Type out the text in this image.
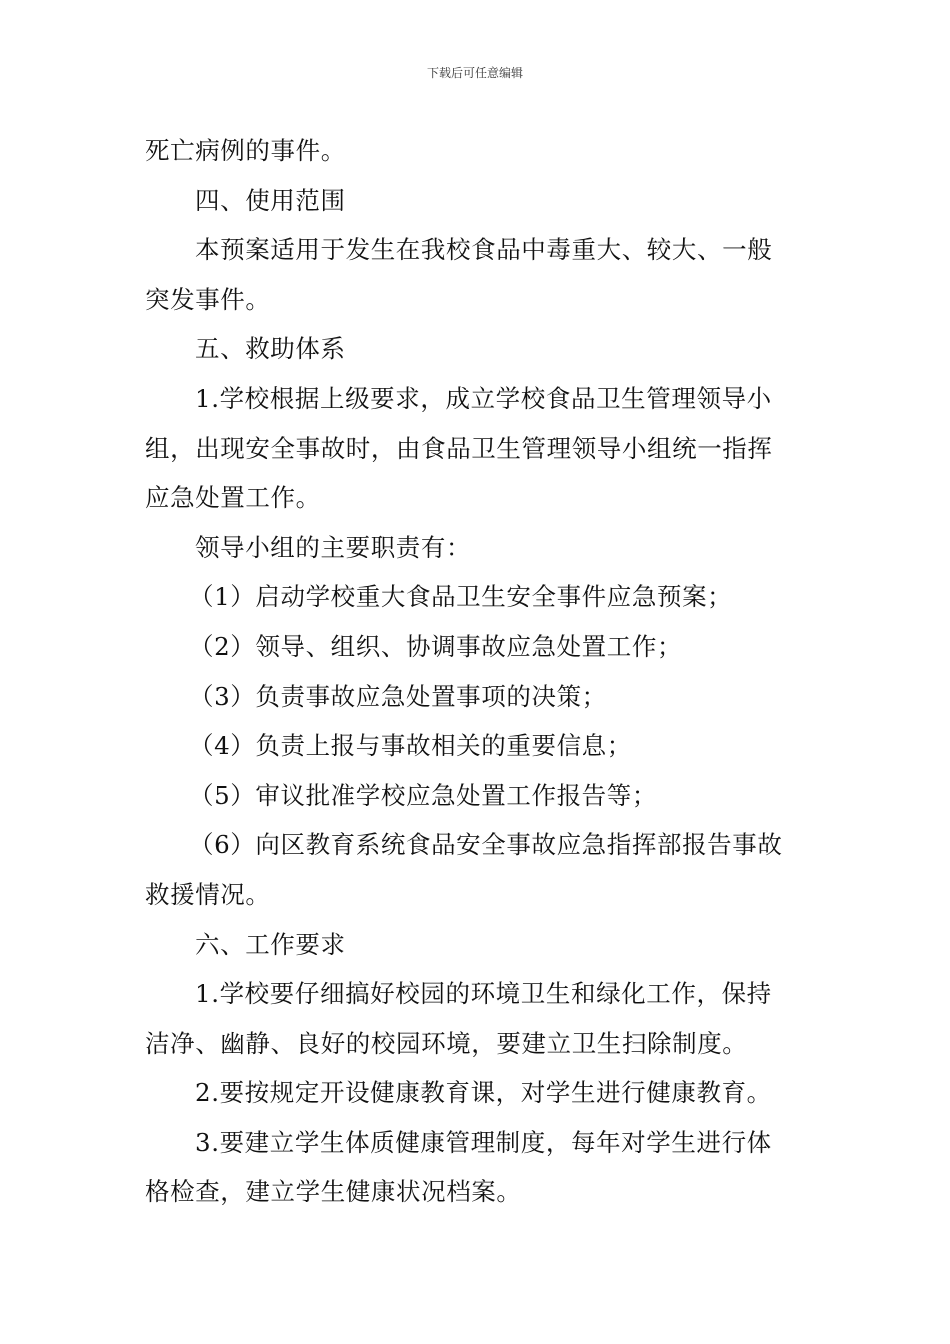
下载后可任意编辑
死亡病例的事件。
四、使用范围
本预案适用于发生在我校食品中毒重大、较大、一般
突发事件。
五、救助体系
1.学校根据上级要求，成立学校食品卫生管理领导小
组，出现安全事故时，由食品卫生管理领导小组统一指挥
应急处置工作。
领导小组的主要职责有：
（1）启动学校重大食品卫生安全事件应急预案；
（2）领导、组织、协调事故应急处置工作；
（3）负责事故应急处置事项的决策；
（4）负责上报与事故相关的重要信息；
（5）审议批准学校应急处置工作报告等；
（6）向区教育系统食品安全事故应急指挥部报告事故
救援情况。
六、工作要求
1.学校要仔细搞好校园的环境卫生和绿化工作，保持
洁净、幽静、良好的校园环境，要建立卫生扫除制度。
2.要按规定开设健康教育课，对学生进行健康教育。
3.要建立学生体质健康管理制度，每年对学生进行体
格检查，建立学生健康状况档案。
